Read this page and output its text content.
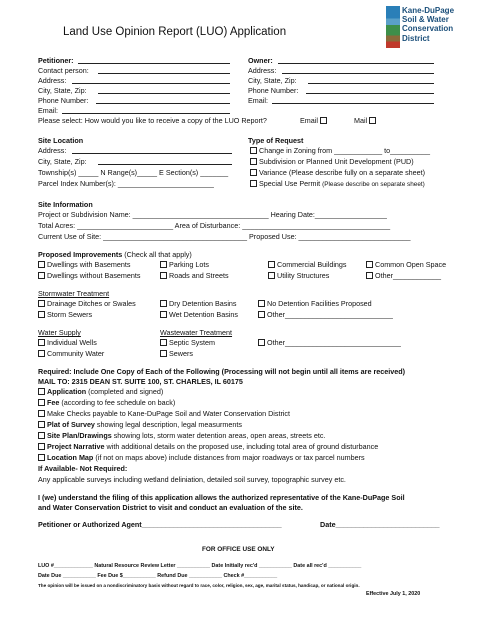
Land Use Opinion Report (LUO) Application
Kane-DuPage
Soil & Water
Conservation
District
Petitioner:
Contact person:
Address:
City, State, Zip:
Phone Number:
Email:
Owner:
Address:
City, State, Zip:
Phone Number:
Email:
Please select: How would you like to receive a copy of the LUO Report?	Email	Mail
Site Location
Address:
City, State, Zip:
Township(s) _____ N Range(s)_____ E Section(s) _______
Parcel Index Number(s): ________________________
Type of Request
Change in Zoning from ____________ to__________
Subdivision or Planned Unit Development (PUD)
Variance (Please describe fully on a separate sheet)
Special Use Permit (Please describe on separate sheet)
Site Information
Project or Subdivision Name: __________________________________ Hearing Date:__________________
Total Acres: ________________________ Area of Disturbance: _____________________________________
Current Use of Site: ____________________________________ Proposed Use: ____________________________
Proposed Improvements (Check all that apply)
Dwellings with Basements
Dwellings without Basements
Parking Lots
Roads and Streets
Commercial Buildings
Utility Structures
Common Open Space
Other____________
Stormwater Treatment
Drainage Ditches or Swales
Storm Sewers
Dry Detention Basins
Wet Detention Basins
No Detention Facilities Proposed
Other___________________________
Water Supply
Individual Wells
Community Water
Wastewater Treatment
Septic System
Sewers
Other_____________________________
Required: Include One Copy of Each of the Following (Processing will not begin until all items are received)
MAIL TO: 2315 DEAN ST. SUITE 100, ST. CHARLES, IL 60175
Application (completed and signed)
Fee (according to fee schedule on back)
Make Checks payable to Kane-DuPage Soil and Water Conservation District
Plat of Survey showing legal description, legal measurments
Site Plan/Drawings showing lots, storm water detention areas, open areas, streets etc.
Project Narrative with additional details on the proposed use, including total area of ground disturbance
Location Map (if not on maps above) include distances from major roadways or tax parcel numbers
If Available- Not Required:
Any applicable surveys including wetland deliniation, detailed soil survey, topographic survey etc.
I (we) understand the filing of this application allows the authorized representative of the Kane-DuPage Soil
and Water Conservation District to visit and conduct an evaluation of the site.
Petitioner or Authorized Agent___________________________________	Date__________________________
FOR OFFICE USE ONLY
LUO #_____________ Natural Resource Review Letter ___________ Date Initially rec'd ___________ Date all rec'd ___________
Date Due ___________ Fee Due $___________ Refund Due ___________ Check #___________
The opinion will be issued on a nondiscriminatory basis without regard to race, color, religion, sex, age, marital status, handicap, or national origin.
Effective July 1, 2020
